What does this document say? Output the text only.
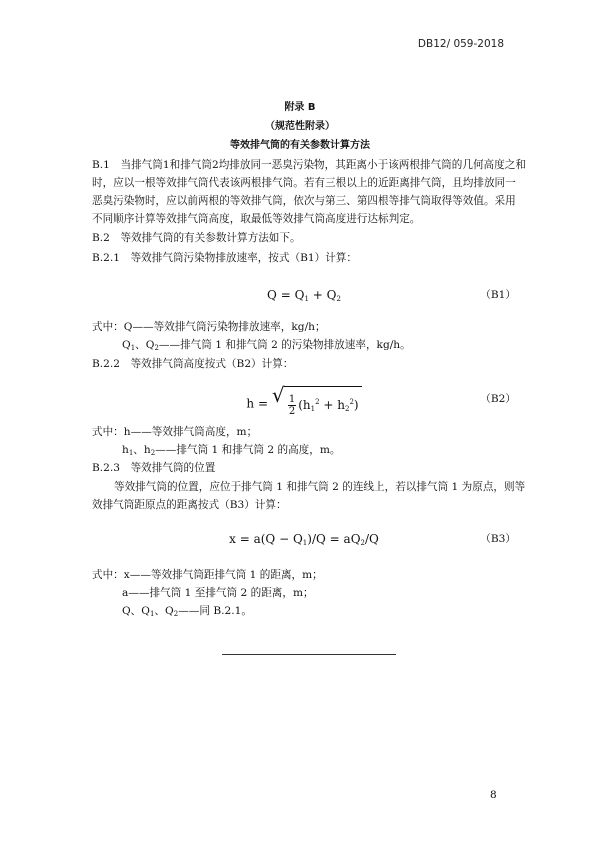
DB12/ 059-2018
附录 B
（规范性附录）
等效排气筒的有关参数计算方法
B.1　当排气筒1和排气筒2均排放同一恶臭污染物，其距离小于该两根排气筒的几何高度之和
时，应以一根等效排气筒代表该两根排气筒。若有三根以上的近距离排气筒，且均排放同一
恶臭污染物时，应以前两根的等效排气筒，依次与第三、第四根等排气筒取得等效值。采用
不同顺序计算等效排气筒高度，取最低等效排气筒高度进行达标判定。
B.2　等效排气筒的有关参数计算方法如下。
B.2.1　等效排气筒污染物排放速率，按式（B1）计算：
$Q = Q_1 + Q_2$	（B1）
式中：Q——等效排气筒污染物排放速率，kg/h；
$Q_1$、$Q_2——$排气筒 1 和排气筒 2 的污染物排放速率，kg/h。
B.2.2　等效排气筒高度按式（B2）计算：
h = √ $\frac{1}{2} (h_1^2 + h_2^2)$	（B2）
式中：h——等效排气筒高度，m；
$h_1$、$h_2——$排气筒 1 和排气筒 2 的高度，m。
B.2.3　等效排气筒的位置
等效排气筒的位置，应位于排气筒 1 和排气筒 2 的连线上，若以排气筒 1 为原点，则等
效排气筒距原点的距离按式（B3）计算：
$x = a(Q - Q_1)/Q = aQ_2/Q$	（B3）
式中：x——等效排气筒距排气筒 1 的距离，m；
a——排气筒 1 至排气筒 2 的距离，m；
Q、$Q_1$、$Q_2——$同 B.2.1。
8
